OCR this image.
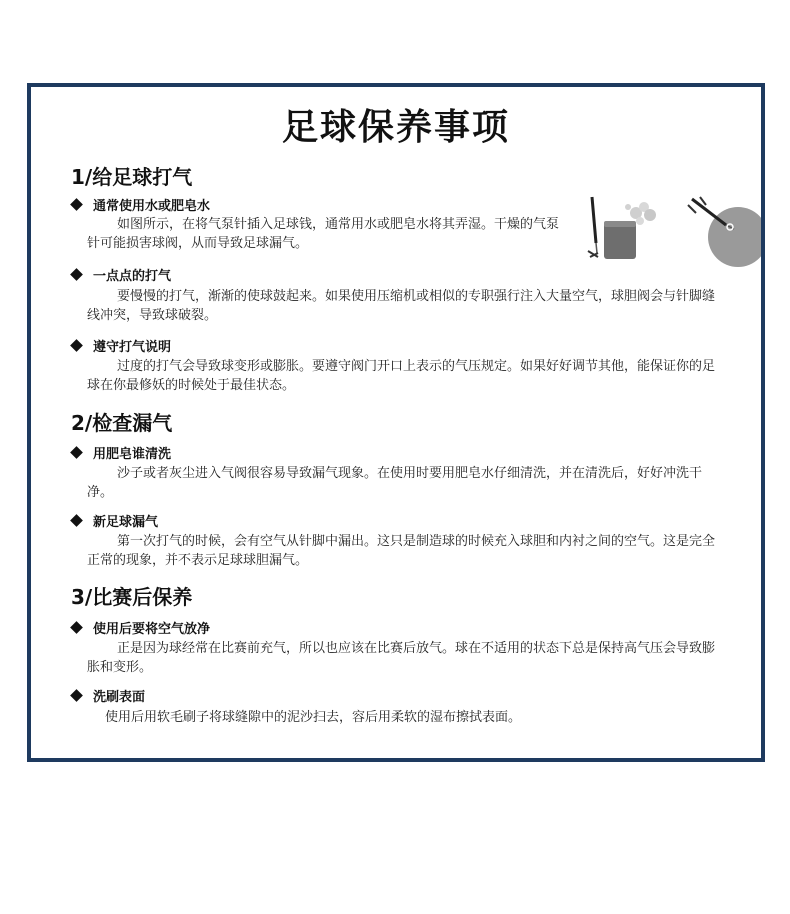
足球保养事项
1/给足球打气
通常使用水或肥皂水
如图所示，在将气泵针插入足球钱，通常用水或肥皂水将其弄湿。干燥的气泵针可能损害球阀，从而导致足球漏气。
一点点的打气
要慢慢的打气，渐渐的使球鼓起来。如果使用压缩机或相似的专职强行注入大量空气，球胆阀会与针脚缝线冲突，导致球破裂。
遵守打气说明
过度的打气会导致球变形或膨胀。要遵守阀门开口上表示的气压规定。如果好好调节其他，能保证你的足球在你最修妖的时候处于最佳状态。
2/检查漏气
用肥皂谁清洗
沙子或者灰尘进入气阀很容易导致漏气现象。在使用时要用肥皂水仔细清洗，并在清洗后，好好冲洗干净。
新足球漏气
第一次打气的时候，会有空气从针脚中漏出。这只是制造球的时候充入球胆和内衬之间的空气。这是完全正常的现象，并不表示足球球胆漏气。
3/比赛后保养
使用后要将空气放净
正是因为球经常在比赛前充气，所以也应该在比赛后放气。球在不适用的状态下总是保持高气压会导致膨胀和变形。
洗刷表面
使用后用软毛刷子将球缝隙中的泥沙扫去，容后用柔软的湿布擦拭表面。
